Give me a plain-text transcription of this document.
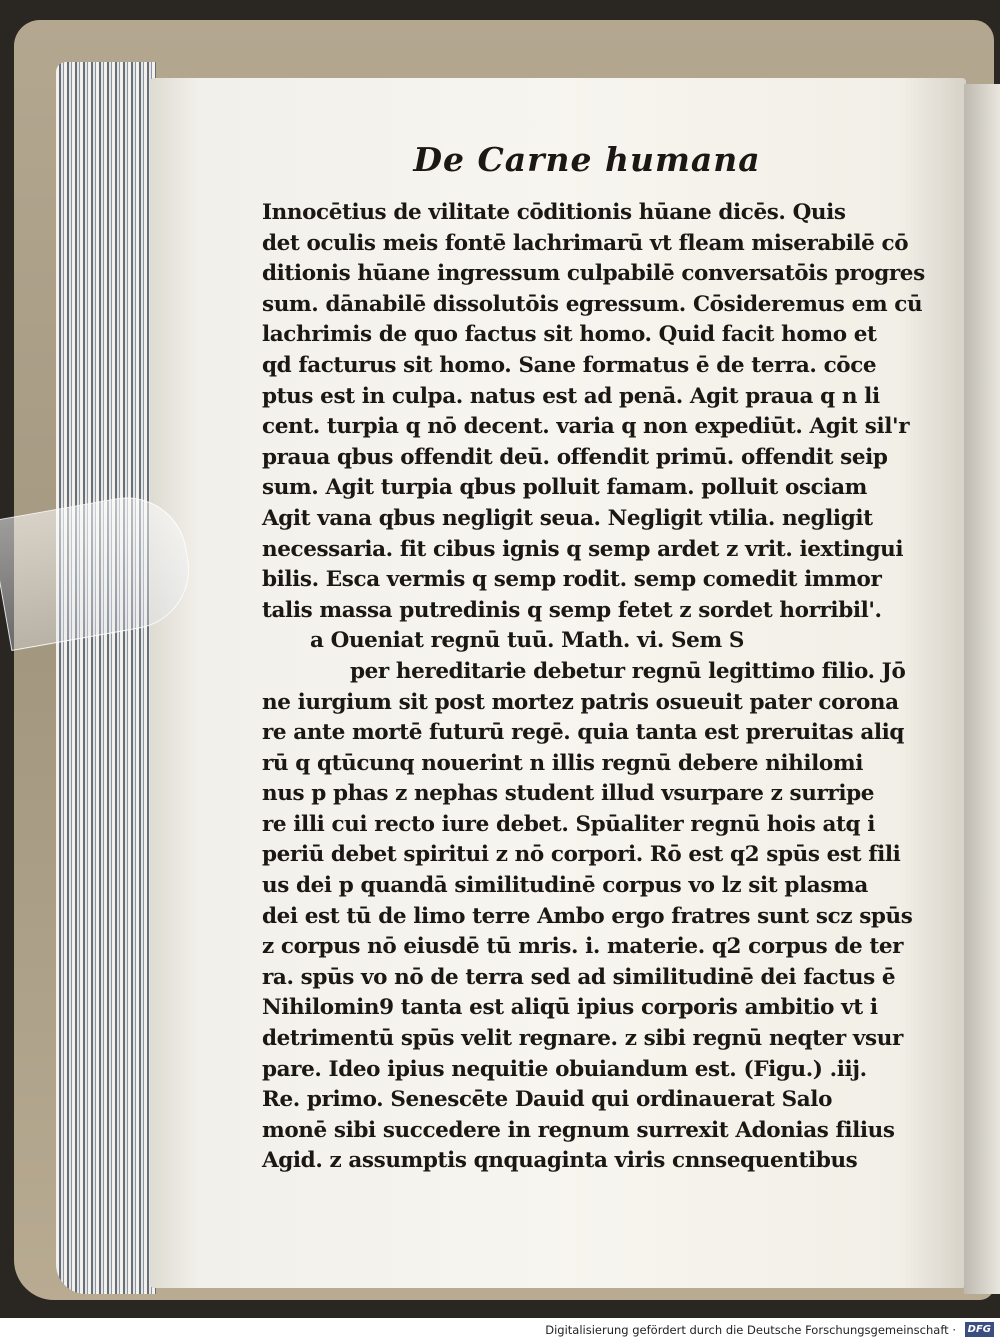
De Carne humana
Innocētius de vilitate cōditionis hūane dicēs. Quis
det oculis meis fontē lachrimarū vt fleam miserabilē cō
ditionis hūane ingressum culpabilē conversatōis progres
sum. dānabilē dissolutōis egressum. Cōsideremus em cū
lachrimis de quo factus sit homo. Quid facit homo et
qd facturus sit homo. Sane formatus ē de terra. cōce
ptus est in culpa. natus est ad penā. Agit praua q n li
cent. turpia q nō decent. varia q non expediūt. Agit sil'r
praua qbus offendit deū. offendit primū. offendit seip
sum. Agit turpia qbus polluit famam. polluit osciam
Agit vana qbus negligit seua. Negligit vtilia. negligit
necessaria. fit cibus ignis q semp ardet z vrit. iextingui
bilis. Esca vermis q semp rodit. semp comedit immor
talis massa putredinis q semp fetet z sordet horribil'.
a Oueniat regnū tuū. Math. vi. Sem S
per hereditarie debetur regnū legittimo filio. Jō
ne iurgium sit post mortez patris osueuit pater corona
re ante mortē futurū regē. quia tanta est preruitas aliq
rū q qtūcunq nouerint n illis regnū debere nihilomi
nus p phas z nephas student illud vsurpare z surripe
re illi cui recto iure debet. Spūaliter regnū hois atq i
periū debet spiritui z nō corpori. Rō est q2 spūs est fili
us dei p quandā similitudinē corpus vo lz sit plasma
dei est tū de limo terre Ambo ergo fratres sunt scz spūs
z corpus nō eiusdē tū mris. i. materie. q2 corpus de ter
ra. spūs vo nō de terra sed ad similitudinē dei factus ē
Nihilomin9 tanta est aliqū ipius corporis ambitio vt i
detrimentū spūs velit regnare. z sibi regnū neqter vsur
pare. Ideo ipius nequitie obuiandum est. (Figu.) .iij.
Re. primo. Senescēte Dauid qui ordinauerat Salo
monē sibi succedere in regnum surrexit Adonias filius
Agid. z assumptis qnquaginta viris cnnsequentibus
Digitalisierung gefördert durch die Deutsche Forschungsgemeinschaft ·	DFG
